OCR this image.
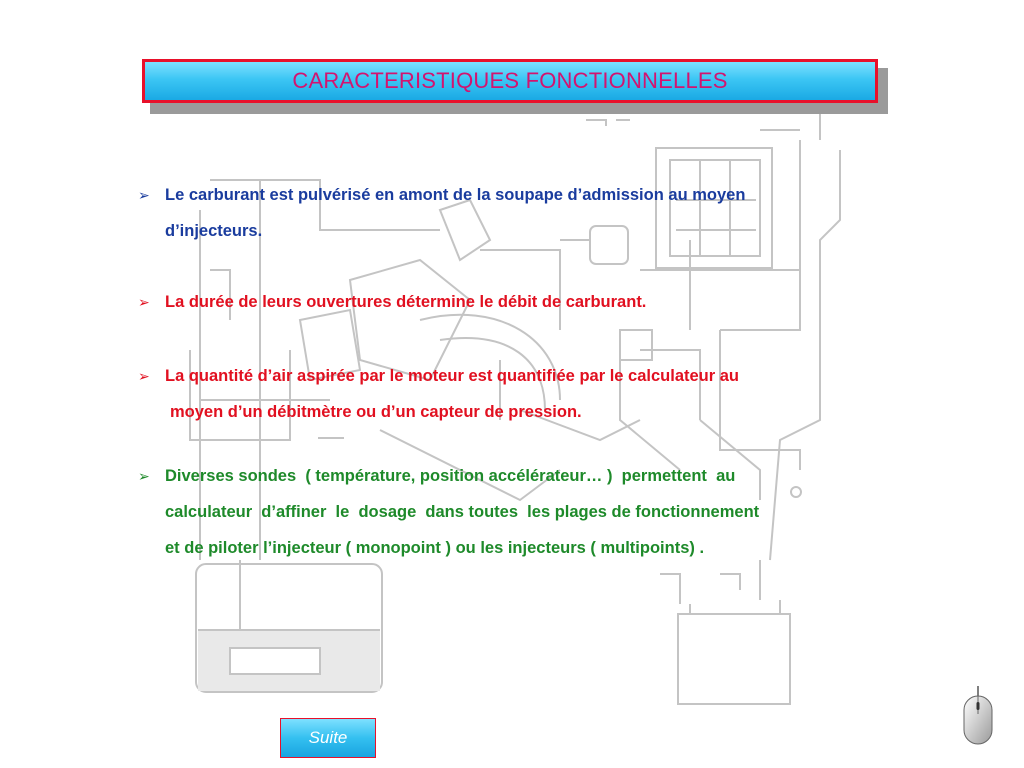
CARACTERISTIQUES FONCTIONNELLES
➢ Le carburant est pulvérisé en amont de la soupape d’admission au moyen
d’injecteurs.
➢ La durée de leurs ouvertures détermine le débit de carburant.
➢ La quantité d’air aspirée par le moteur est quantifiée par le calculateur au
moyen d’un débitmètre ou d’un capteur de pression.
➢ Diverses sondes  ( température, position accélérateur… )  permettent  au
calculateur  d’affiner  le  dosage  dans toutes  les plages de fonctionnement
et de piloter l’injecteur ( monopoint ) ou les injecteurs ( multipoints) .
Suite
